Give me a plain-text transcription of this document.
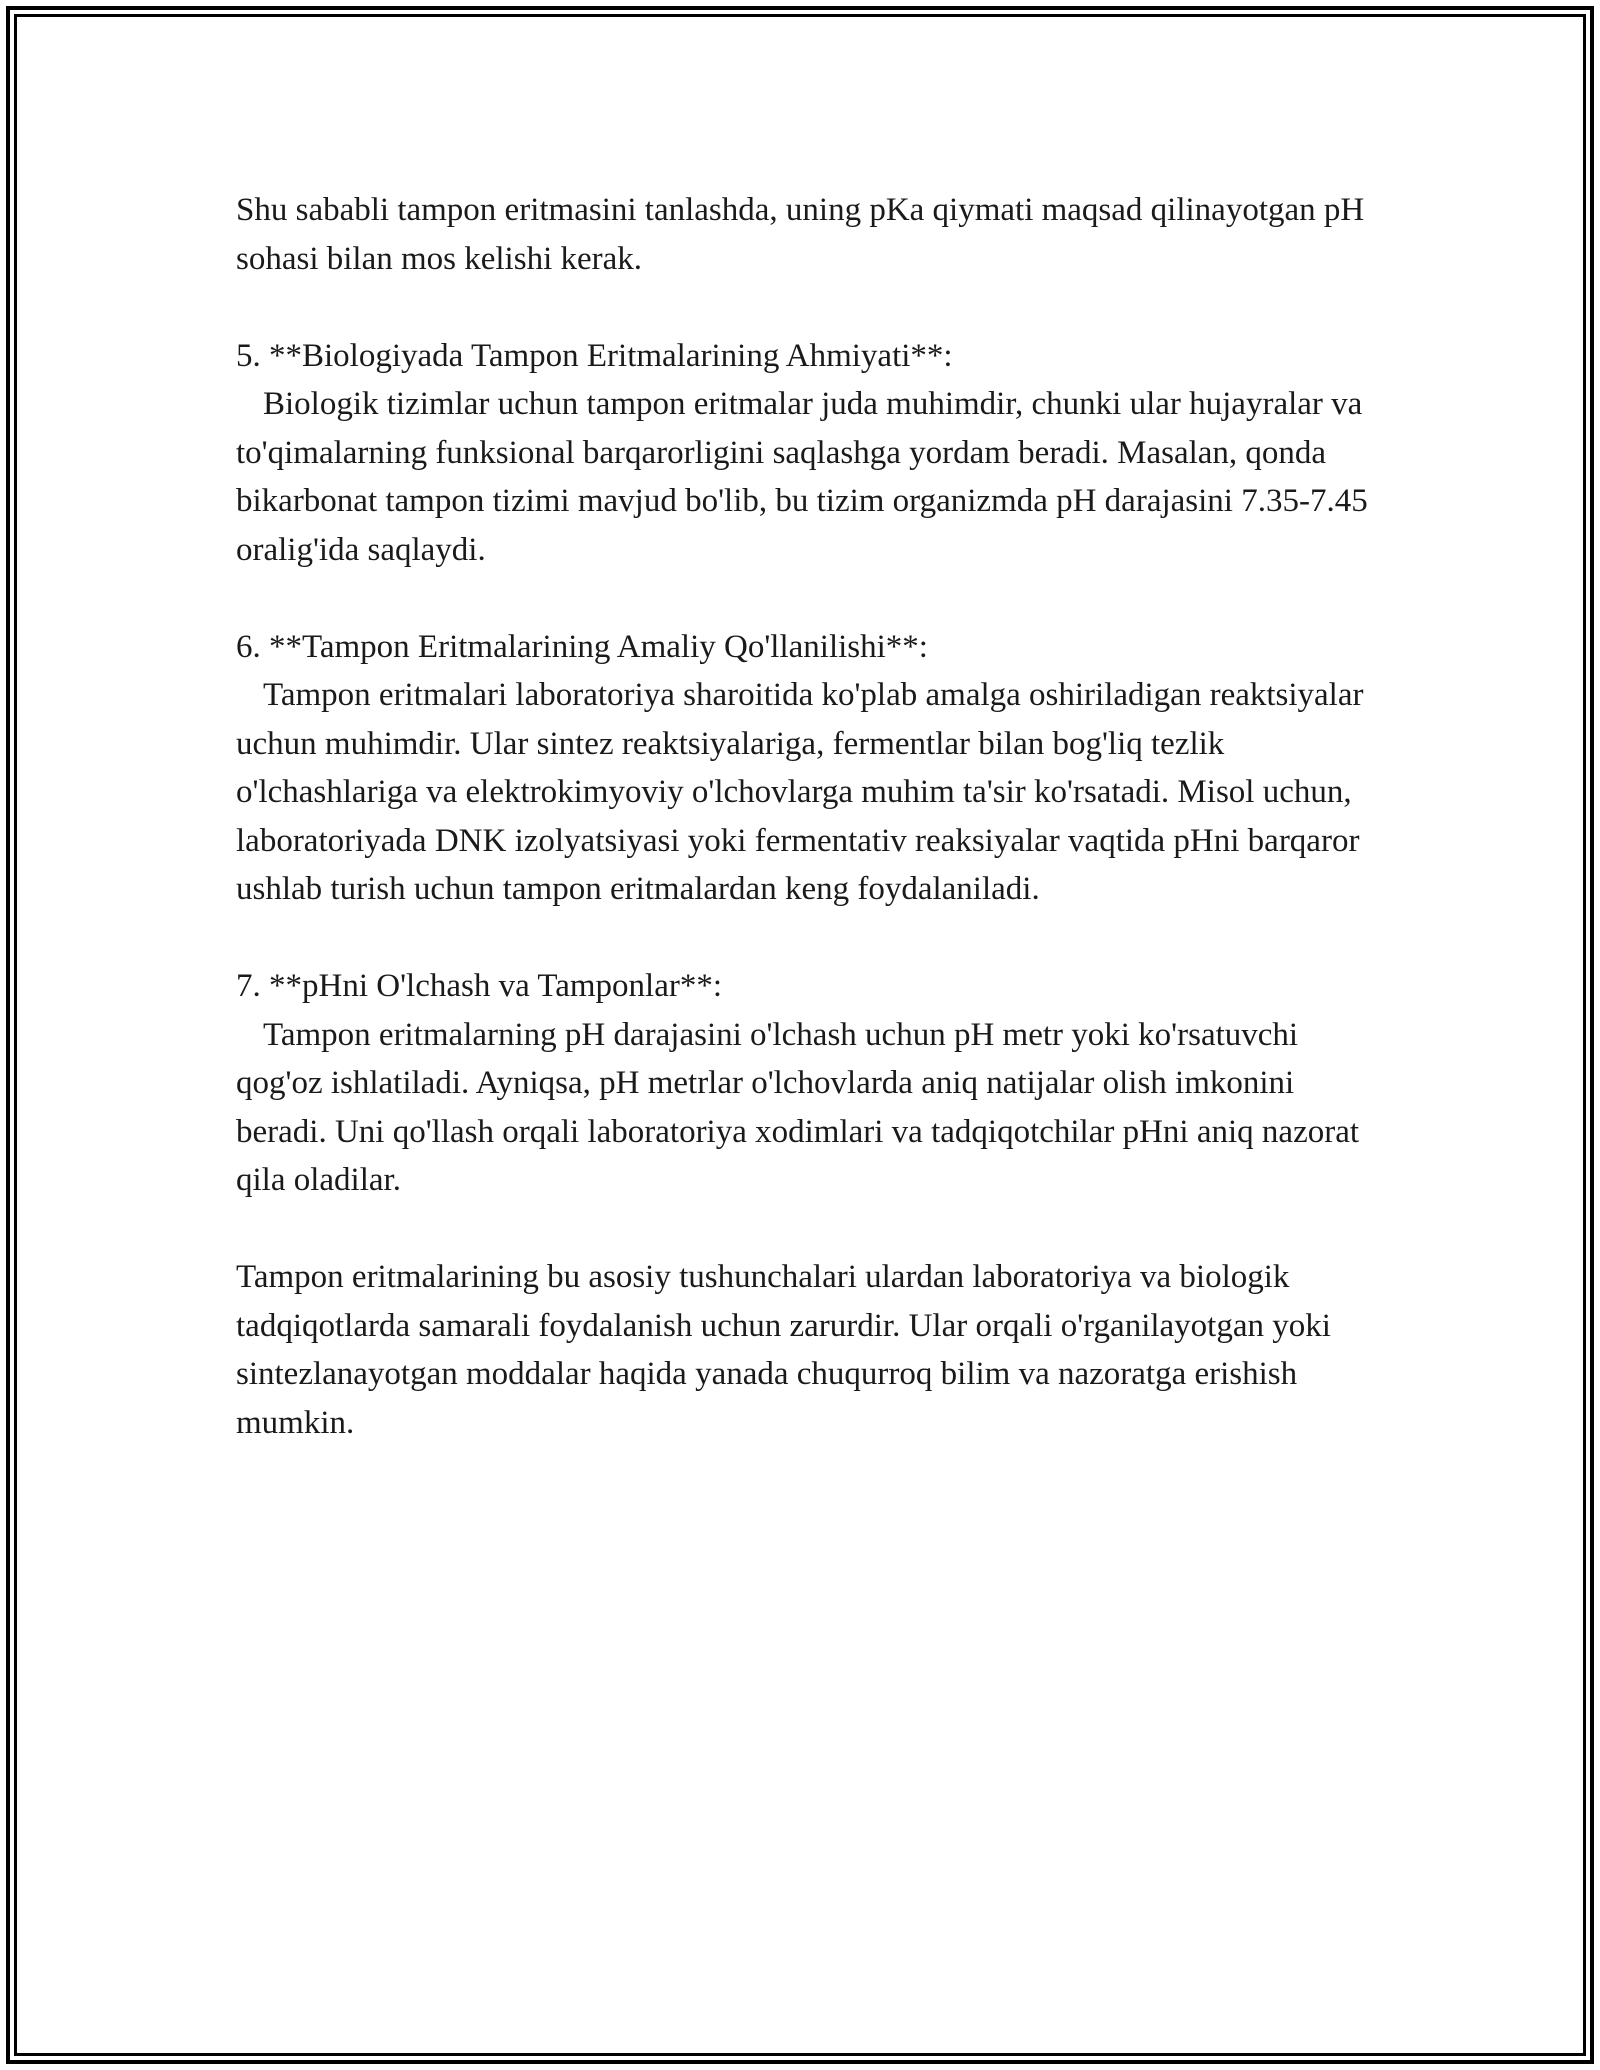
Shu sababli tampon eritmasini tanlashda, uning pKa qiymati maqsad qilinayotgan pH sohasi bilan mos kelishi kerak.

5. **Biologiyada Tampon Eritmalarining Ahmiyati**:

Biologik tizimlar uchun tampon eritmalar juda muhimdir, chunki ular hujayralar va to'qimalarning funksional barqarorligini saqlashga yordam beradi. Masalan, qonda bikarbonat tampon tizimi mavjud bo'lib, bu tizim organizmda pH darajasini 7.35-7.45 oralig'ida saqlaydi.

6. **Tampon Eritmalarining Amaliy Qo'llanilishi**:

Tampon eritmalari laboratoriya sharoitida ko'plab amalga oshiriladigan reaktsiyalar uchun muhimdir. Ular sintez reaktsiyalariga, fermentlar bilan bog'liq tezlik o'lchashlariga va elektrokimyoviy o'lchovlarga muhim ta'sir ko'rsatadi. Misol uchun, laboratoriyada DNK izolyatsiyasi yoki fermentativ reaksiyalar vaqtida pHni barqaror ushlab turish uchun tampon eritmalardan keng foydalaniladi.

7. **pHni O'lchash va Tamponlar**:

Tampon eritmalarning pH darajasini o'lchash uchun pH metr yoki ko'rsatuvchi qog'oz ishlatiladi. Ayniqsa, pH metrlar o'lchovlarda aniq natijalar olish imkonini beradi. Uni qo'llash orqali laboratoriya xodimlari va tadqiqotchilar pHni aniq nazorat qila oladilar.

Tampon eritmalarining bu asosiy tushunchalari ulardan laboratoriya va biologik tadqiqotlarda samarali foydalanish uchun zarurdir. Ular orqali o'rganilayotgan yoki sintezlanayotgan moddalar haqida yanada chuqurroq bilim va nazoratga erishish mumkin.
